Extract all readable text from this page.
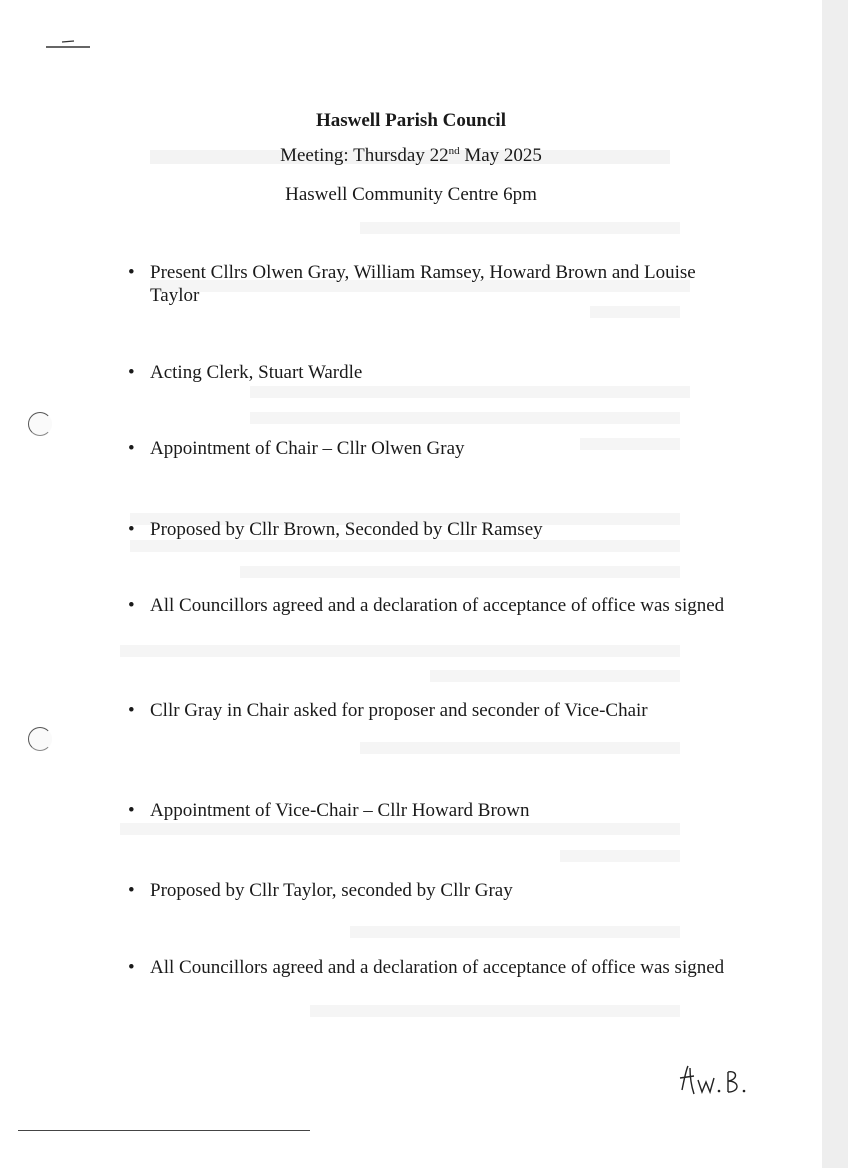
Haswell Parish Council
Meeting: Thursday 22nd May 2025
Haswell Community Centre 6pm
• Present Cllrs Olwen Gray, William Ramsey, Howard Brown and Louise Taylor
• Acting Clerk, Stuart Wardle
• Appointment of Chair – Cllr Olwen Gray
• Proposed by Cllr Brown, Seconded by Cllr Ramsey
• All Councillors agreed and a declaration of acceptance of office was signed
• Cllr Gray in Chair asked for proposer and seconder of Vice-Chair
• Appointment of Vice-Chair – Cllr Howard Brown
• Proposed by Cllr Taylor, seconded by Cllr Gray
• All Councillors agreed and a declaration of acceptance of office was signed
